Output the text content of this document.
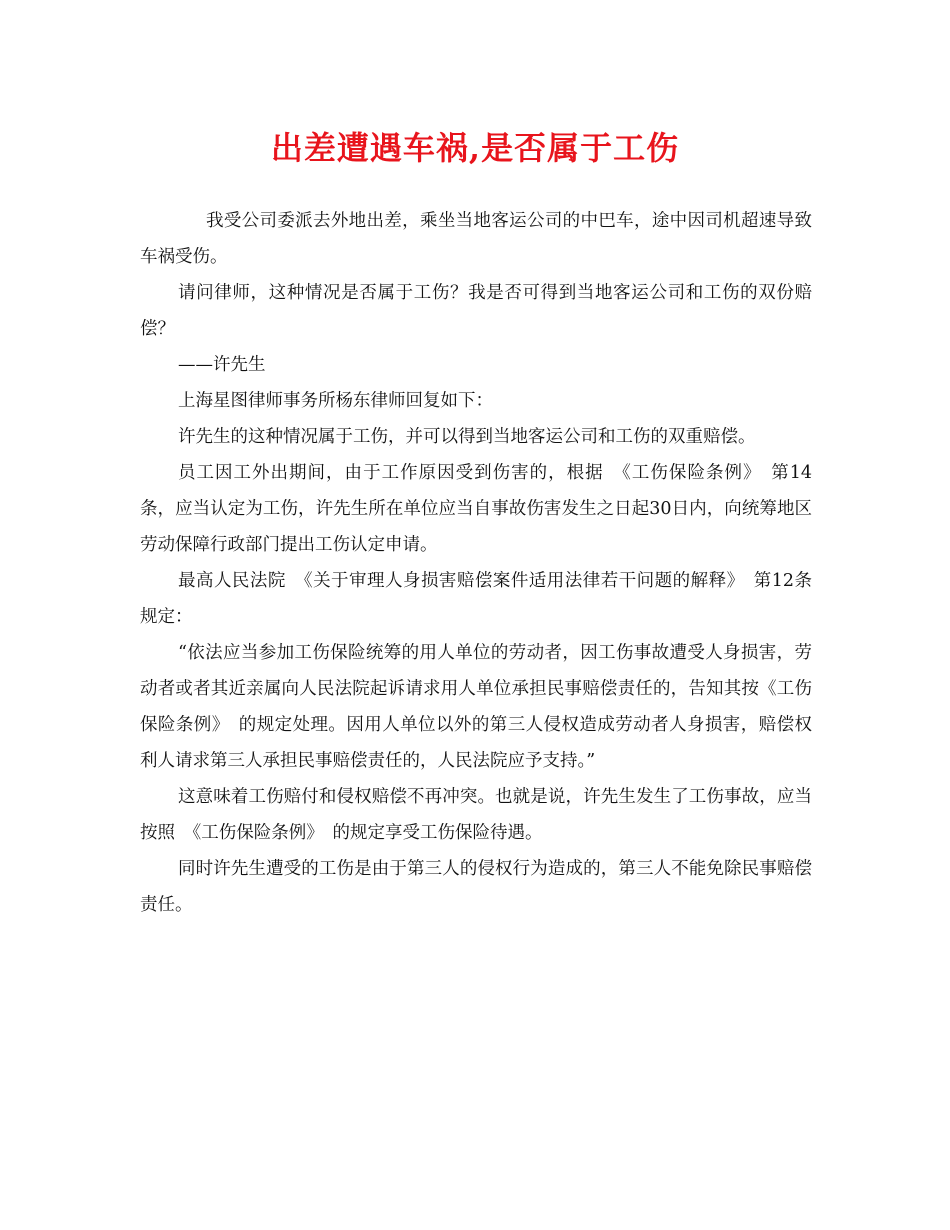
出差遭遇车祸,是否属于工伤

我受公司委派去外地出差，乘坐当地客运公司的中巴车，途中因司机超速导致车祸受伤。

请问律师，这种情况是否属于工伤？我是否可得到当地客运公司和工伤的双份赔偿？

——许先生

上海星图律师事务所杨东律师回复如下：

许先生的这种情况属于工伤，并可以得到当地客运公司和工伤的双重赔偿。

员工因工外出期间，由于工作原因受到伤害的，根据　《工伤保险条例》　第14条，应当认定为工伤，许先生所在单位应当自事故伤害发生之日起30日内，向统筹地区劳动保障行政部门提出工伤认定申请。

最高人民法院　《关于审理人身损害赔偿案件适用法律若干问题的解释》　第12条规定：

“依法应当参加工伤保险统筹的用人单位的劳动者，因工伤事故遭受人身损害，劳动者或者其近亲属向人民法院起诉请求用人单位承担民事赔偿责任的，告知其按《工伤保险条例》　的规定处理。因用人单位以外的第三人侵权造成劳动者人身损害，赔偿权利人请求第三人承担民事赔偿责任的，人民法院应予支持。”

这意味着工伤赔付和侵权赔偿不再冲突。也就是说，许先生发生了工伤事故，应当按照　《工伤保险条例》　的规定享受工伤保险待遇。

同时许先生遭受的工伤是由于第三人的侵权行为造成的，第三人不能免除民事赔偿责任。
